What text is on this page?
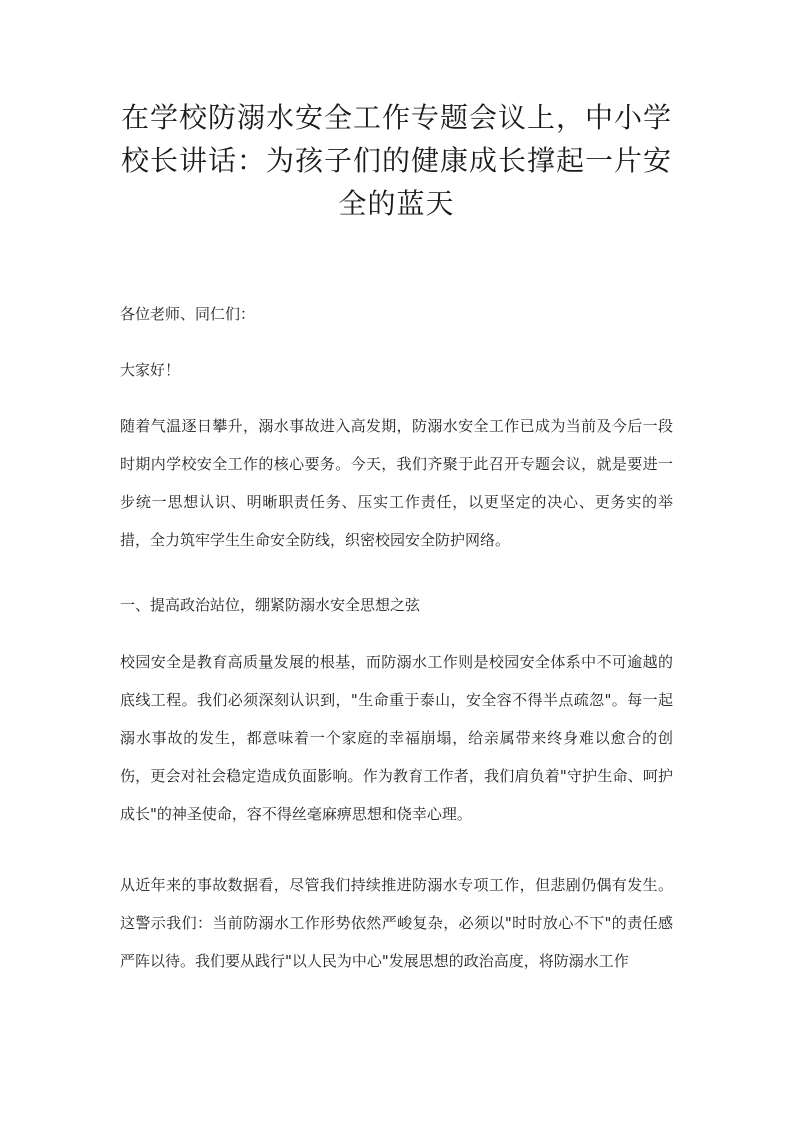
在学校防溺水安全工作专题会议上，中小学校长讲话：为孩子们的健康成长撑起一片安全的蓝天

各位老师、同仁们：

大家好！

随着气温逐日攀升，溺水事故进入高发期，防溺水安全工作已成为当前及今后一段时期内学校安全工作的核心要务。今天，我们齐聚于此召开专题会议，就是要进一步统一思想认识、明晰职责任务、压实工作责任，以更坚定的决心、更务实的举措，全力筑牢学生生命安全防线，织密校园安全防护网络。

一、提高政治站位，绷紧防溺水安全思想之弦

校园安全是教育高质量发展的根基，而防溺水工作则是校园安全体系中不可逾越的底线工程。我们必须深刻认识到，"生命重于泰山，安全容不得半点疏忽"。每一起溺水事故的发生，都意味着一个家庭的幸福崩塌，给亲属带来终身难以愈合的创伤，更会对社会稳定造成负面影响。作为教育工作者，我们肩负着"守护生命、呵护成长"的神圣使命，容不得丝毫麻痹思想和侥幸心理。

从近年来的事故数据看，尽管我们持续推进防溺水专项工作，但悲剧仍偶有发生。这警示我们：当前防溺水工作形势依然严峻复杂，必须以"时时放心不下"的责任感严阵以待。我们要从践行"以人民为中心"发展思想的政治高度，将防溺水工作
